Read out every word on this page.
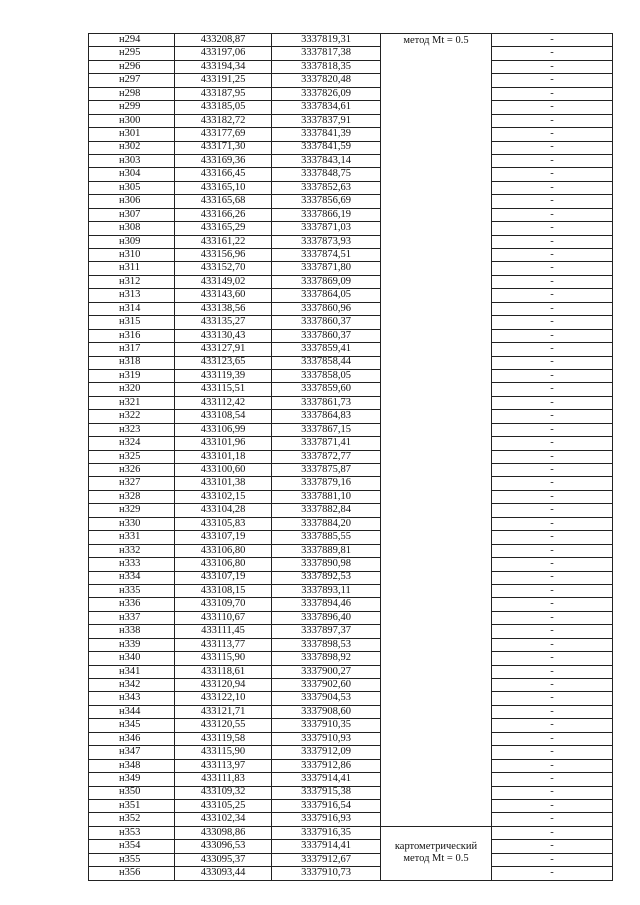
н294	433208,87	3337819,31	метод Mt = 0.5	-
н295	433197,06	3337817,38		-
н296	433194,34	3337818,35		-
н297	433191,25	3337820,48		-
н298	433187,95	3337826,09		-
н299	433185,05	3337834,61		-
н300	433182,72	3337837,91		-
н301	433177,69	3337841,39		-
н302	433171,30	3337841,59		-
н303	433169,36	3337843,14		-
н304	433166,45	3337848,75		-
н305	433165,10	3337852,63		-
н306	433165,68	3337856,69		-
н307	433166,26	3337866,19		-
н308	433165,29	3337871,03		-
н309	433161,22	3337873,93		-
н310	433156,96	3337874,51		-
н311	433152,70	3337871,80		-
н312	433149,02	3337869,09		-
н313	433143,60	3337864,05		-
н314	433138,56	3337860,96		-
н315	433135,27	3337860,37		-
н316	433130,43	3337860,37		-
н317	433127,91	3337859,41		-
н318	433123,65	3337858,44		-
н319	433119,39	3337858,05		-
н320	433115,51	3337859,60		-
н321	433112,42	3337861,73		-
н322	433108,54	3337864,83		-
н323	433106,99	3337867,15		-
н324	433101,96	3337871,41		-
н325	433101,18	3337872,77		-
н326	433100,60	3337875,87		-
н327	433101,38	3337879,16		-
н328	433102,15	3337881,10		-
н329	433104,28	3337882,84		-
н330	433105,83	3337884,20		-
н331	433107,19	3337885,55		-
н332	433106,80	3337889,81		-
н333	433106,80	3337890,98		-
н334	433107,19	3337892,53		-
н335	433108,15	3337893,11		-
н336	433109,70	3337894,46		-
н337	433110,67	3337896,40		-
н338	433111,45	3337897,37		-
н339	433113,77	3337898,53		-
н340	433115,90	3337898,92		-
н341	433118,61	3337900,27		-
н342	433120,94	3337902,60		-
н343	433122,10	3337904,53		-
н344	433121,71	3337908,60		-
н345	433120,55	3337910,35		-
н346	433119,58	3337910,93		-
н347	433115,90	3337912,09		-
н348	433113,97	3337912,86		-
н349	433111,83	3337914,41		-
н350	433109,32	3337915,38		-
н351	433105,25	3337916,54		-
н352	433102,34	3337916,93		-
н353	433098,86	3337916,35	картометрический метод Mt = 0.5	-
н354	433096,53	3337914,41		-
н355	433095,37	3337912,67		-
н356	433093,44	3337910,73		-
